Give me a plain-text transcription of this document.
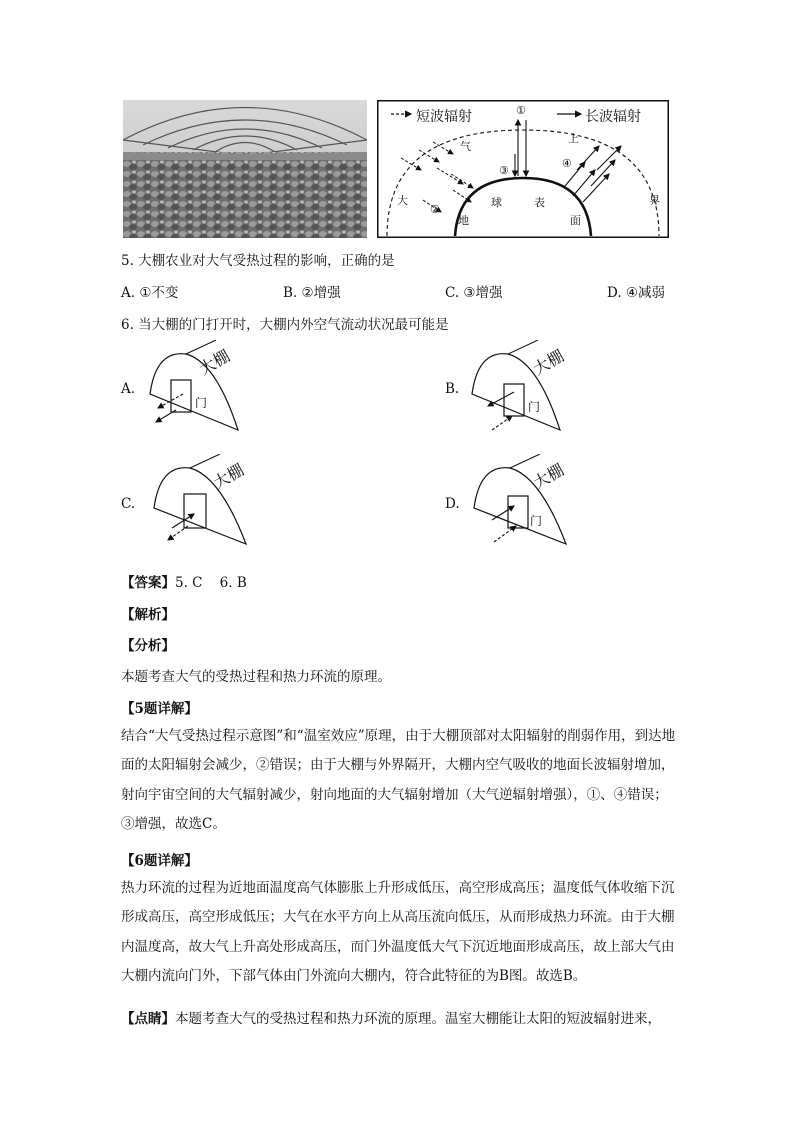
短波辐射	长波辐射
①
②
③
④
大
气
上
界
地
球	表
面
5. 大棚农业对大气受热过程的影响，正确的是
A. ①不变	B. ②增强	C. ③增强	D. ④减弱
6. 当大棚的门打开时，大棚内外空气流动状况最可能是
A.	B.
C.	D.
大棚
门
大棚
门
大棚	大棚
门
【答案】5. C    6. B
【解析】
【分析】
本题考查大气的受热过程和热力环流的原理。
【5题详解】
结合“大气受热过程示意图”和“温室效应”原理，由于大棚顶部对太阳辐射的削弱作用，到达地面的太阳辐射会减少，②错误；由于大棚与外界隔开，大棚内空气吸收的地面长波辐射增加，射向宇宙空间的大气辐射减少，射向地面的大气辐射增加（大气逆辐射增强），①、④错误；③增强，故选C。
【6题详解】
热力环流的过程为近地面温度高气体膨胀上升形成低压，高空形成高压；温度低气体收缩下沉形成高压，高空形成低压；大气在水平方向上从高压流向低压，从而形成热力环流。由于大棚内温度高，故大气上升高处形成高压，而门外温度低大气下沉近地面形成高压，故上部大气由大棚内流向门外，下部气体由门外流向大棚内，符合此特征的为B图。故选B。
【点睛】本题考查大气的受热过程和热力环流的原理。温室大棚能让太阳的短波辐射进来，
